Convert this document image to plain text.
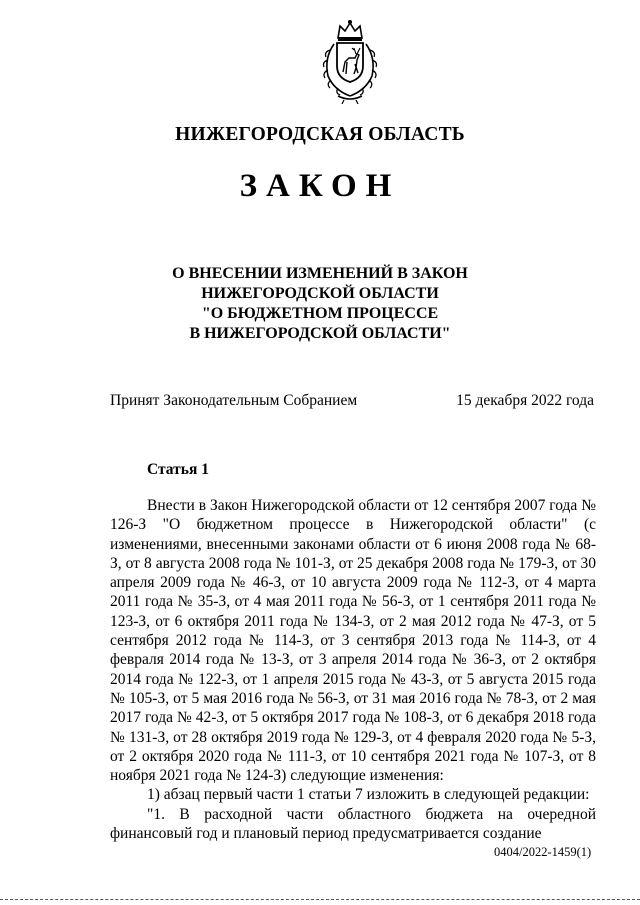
НИЖЕГОРОДСКАЯ ОБЛАСТЬ
ЗАКОН
О ВНЕСЕНИИ ИЗМЕНЕНИЙ В ЗАКОН
НИЖЕГОРОДСКОЙ ОБЛАСТИ
"О БЮДЖЕТНОМ ПРОЦЕССЕ
В НИЖЕГОРОДСКОЙ ОБЛАСТИ"
Принят Законодательным Собранием	15 декабря 2022 года
Статья 1

Внести в Закон Нижегородской области от 12 сентября 2007 года № 126-З "О бюджетном процессе в Нижегородской области" (с изменениями, внесенными законами области от 6 июня 2008 года № 68-З, от 8 августа 2008 года № 101-З, от 25 декабря 2008 года № 179-З, от 30 апреля 2009 года № 46-З, от 10 августа 2009 года № 112-З, от 4 марта 2011 года № 35-З, от 4 мая 2011 года № 56-З, от 1 сентября 2011 года № 123-З, от 6 октября 2011 года № 134-З, от 2 мая 2012 года № 47-З, от 5 сентября 2012 года № 114-З, от 3 сентября 2013 года № 114-З, от 4 февраля 2014 года № 13-З, от 3 апреля 2014 года № 36-З, от 2 октября 2014 года № 122-З, от 1 апреля 2015 года № 43-З, от 5 августа 2015 года № 105-З, от 5 мая 2016 года № 56-З, от 31 мая 2016 года № 78-З, от 2 мая 2017 года № 42-З, от 5 октября 2017 года № 108-З, от 6 декабря 2018 года № 131-З, от 28 октября 2019 года № 129-З, от 4 февраля 2020 года № 5-З, от 2 октября 2020 года № 111-З, от 10 сентября 2021 года № 107-З, от 8 ноября 2021 года № 124-З) следующие изменения:

1) абзац первый части 1 статьи 7 изложить в следующей редакции:

"1. В расходной части областного бюджета на очередной финансовый год и плановый период предусматривается создание

0404/2022-1459(1)
